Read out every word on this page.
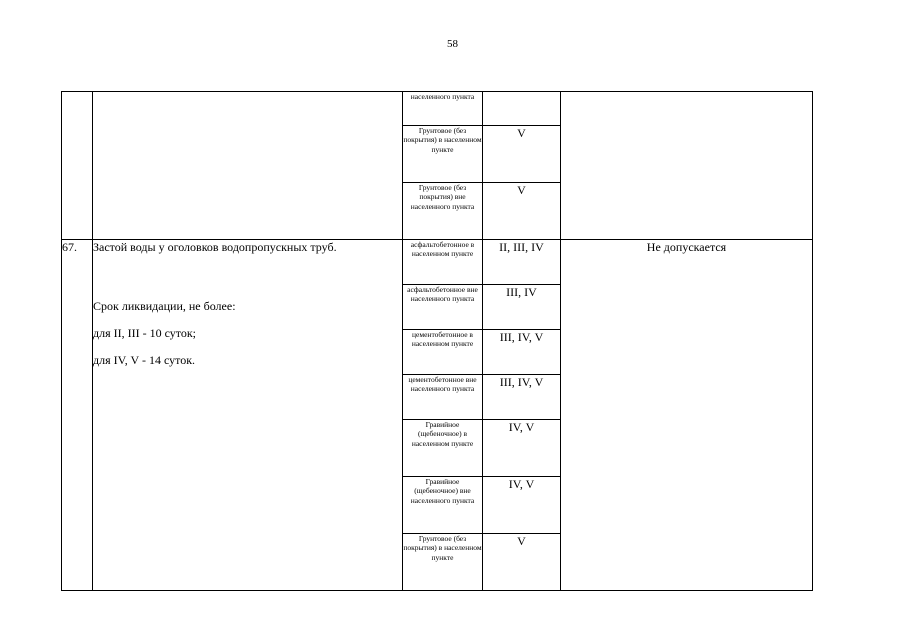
58
		населенного пункта		
		Грунтовое (без покрытия) в населенном пункте	V	
		Грунтовое (без покрытия) вне населенного пункта	V	
67.	Застой воды у оголовков водопропускных труб.

Срок ликвидации, не более:

для II, III - 10 суток;

для IV, V - 14 суток.	асфальтобетонное в населенном пункте	II, III, IV	Не допускается
		асфальтобетонное вне населенного пункта	III, IV	
		цементобетонное в населенном пункте	III, IV, V	
		цементобетонное вне населенного пункта	III, IV, V	
		Гравийное (щебеночное) в населенном пункте	IV, V	
		Гравийное (щебеночное) вне населенного пункта	IV, V	
		Грунтовое (без покрытия) в населенном пункте	V	
